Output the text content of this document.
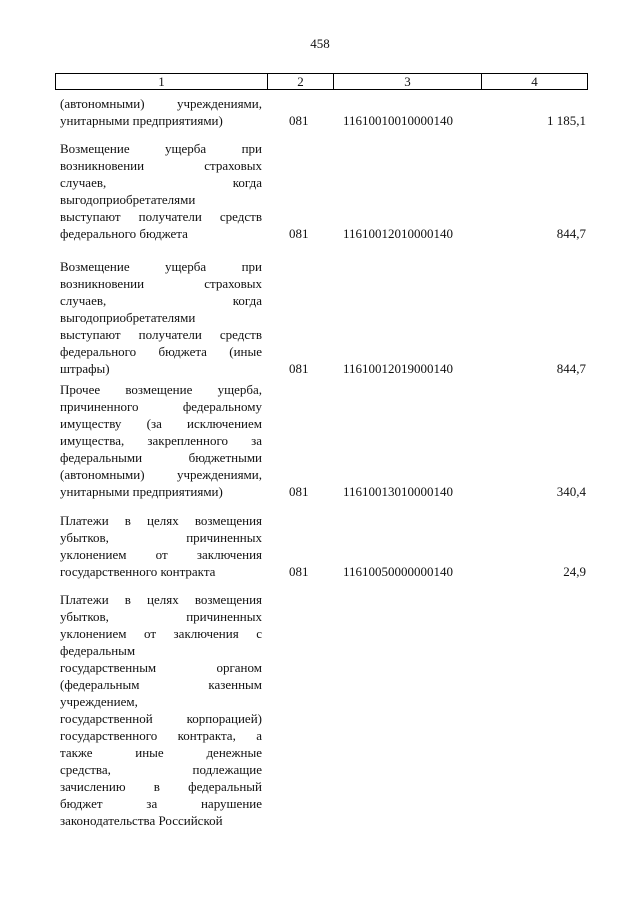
458
1	2	3	4
(автономными) учреждениями,
унитарными предприятиями)	081	11610010010000140	1 185,1
Возмещение ущерба при
возникновении страховых
случаев, когда
выгодоприобретателями
выступают получатели средств
федерального бюджета	081	11610012010000140	844,7
Возмещение ущерба при
возникновении страховых
случаев, когда
выгодоприобретателями
выступают получатели средств
федерального бюджета (иные
штрафы)	081	11610012019000140	844,7
Прочее возмещение ущерба,
причиненного федеральному
имуществу (за исключением
имущества, закрепленного за
федеральными бюджетными
(автономными) учреждениями,
унитарными предприятиями)	081	11610013010000140	340,4
Платежи в целях возмещения
убытков, причиненных
уклонением от заключения
государственного контракта	081	11610050000000140	24,9
Платежи в целях возмещения
убытков, причиненных
уклонением от заключения с
федеральным
государственным органом
(федеральным казенным
учреждением,
государственной корпорацией)
государственного контракта, а
также иные денежные
средства, подлежащие
зачислению в федеральный
бюджет за нарушение
законодательства Российской
